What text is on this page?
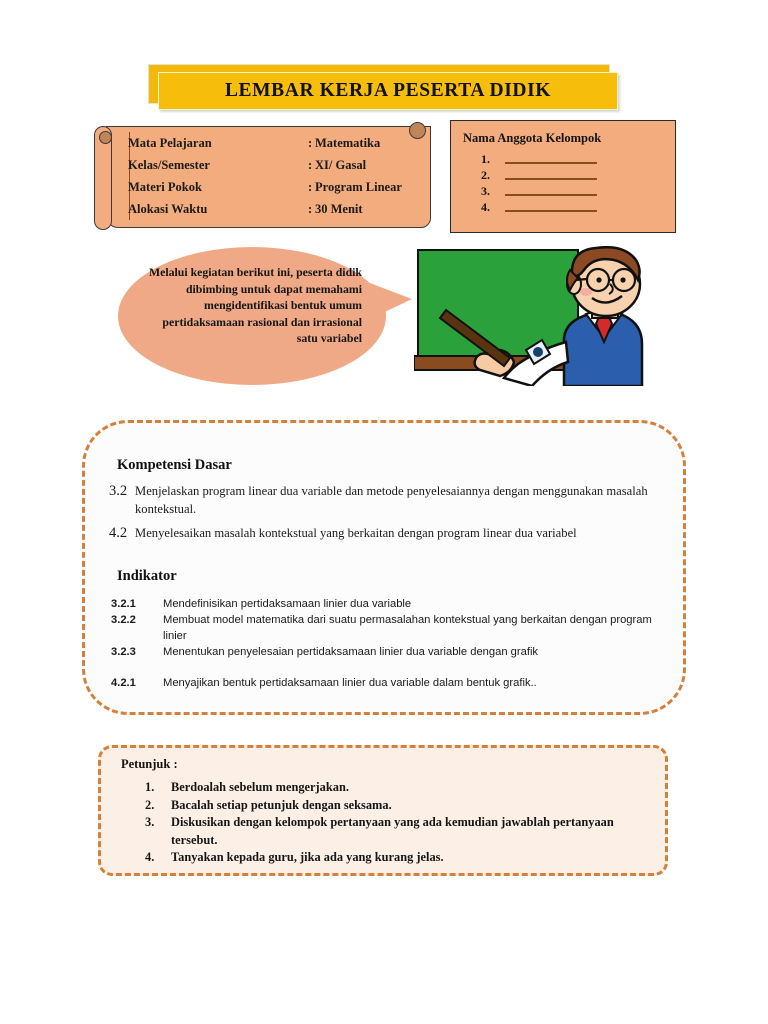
LEMBAR KERJA PESERTA DIDIK
Mata Pelajaran	: Matematika
Kelas/Semester	: XI/ Gasal
Materi Pokok	: Program Linear
Alokasi Waktu	: 30 Menit
Nama Anggota Kelompok
1.
2.
3.
4.
Melalui kegiatan berikut ini, peserta didik dibimbing untuk dapat memahami mengidentifikasi bentuk umum pertidaksamaan rasional dan irrasional satu variabel
Kompetensi Dasar
3.2 Menjelaskan program linear dua variable dan metode penyelesaiannya dengan menggunakan masalah kontekstual.
4.2 Menyelesaikan masalah kontekstual yang berkaitan dengan program linear dua variabel
Indikator
3.2.1	Mendefinisikan pertidaksamaan linier dua variable
3.2.2	Membuat model matematika dari suatu permasalahan kontekstual yang berkaitan dengan program linier
3.2.3	Menentukan penyelesaian pertidaksamaan linier dua variable dengan grafik
4.2.1	Menyajikan bentuk pertidaksamaan linier dua variable dalam bentuk grafik..
Petunjuk :
1.	Berdoalah sebelum mengerjakan.
2.	Bacalah setiap petunjuk dengan seksama.
3.	Diskusikan dengan kelompok pertanyaan yang ada kemudian jawablah pertanyaan tersebut.
4.	Tanyakan kepada guru, jika ada yang kurang jelas.
